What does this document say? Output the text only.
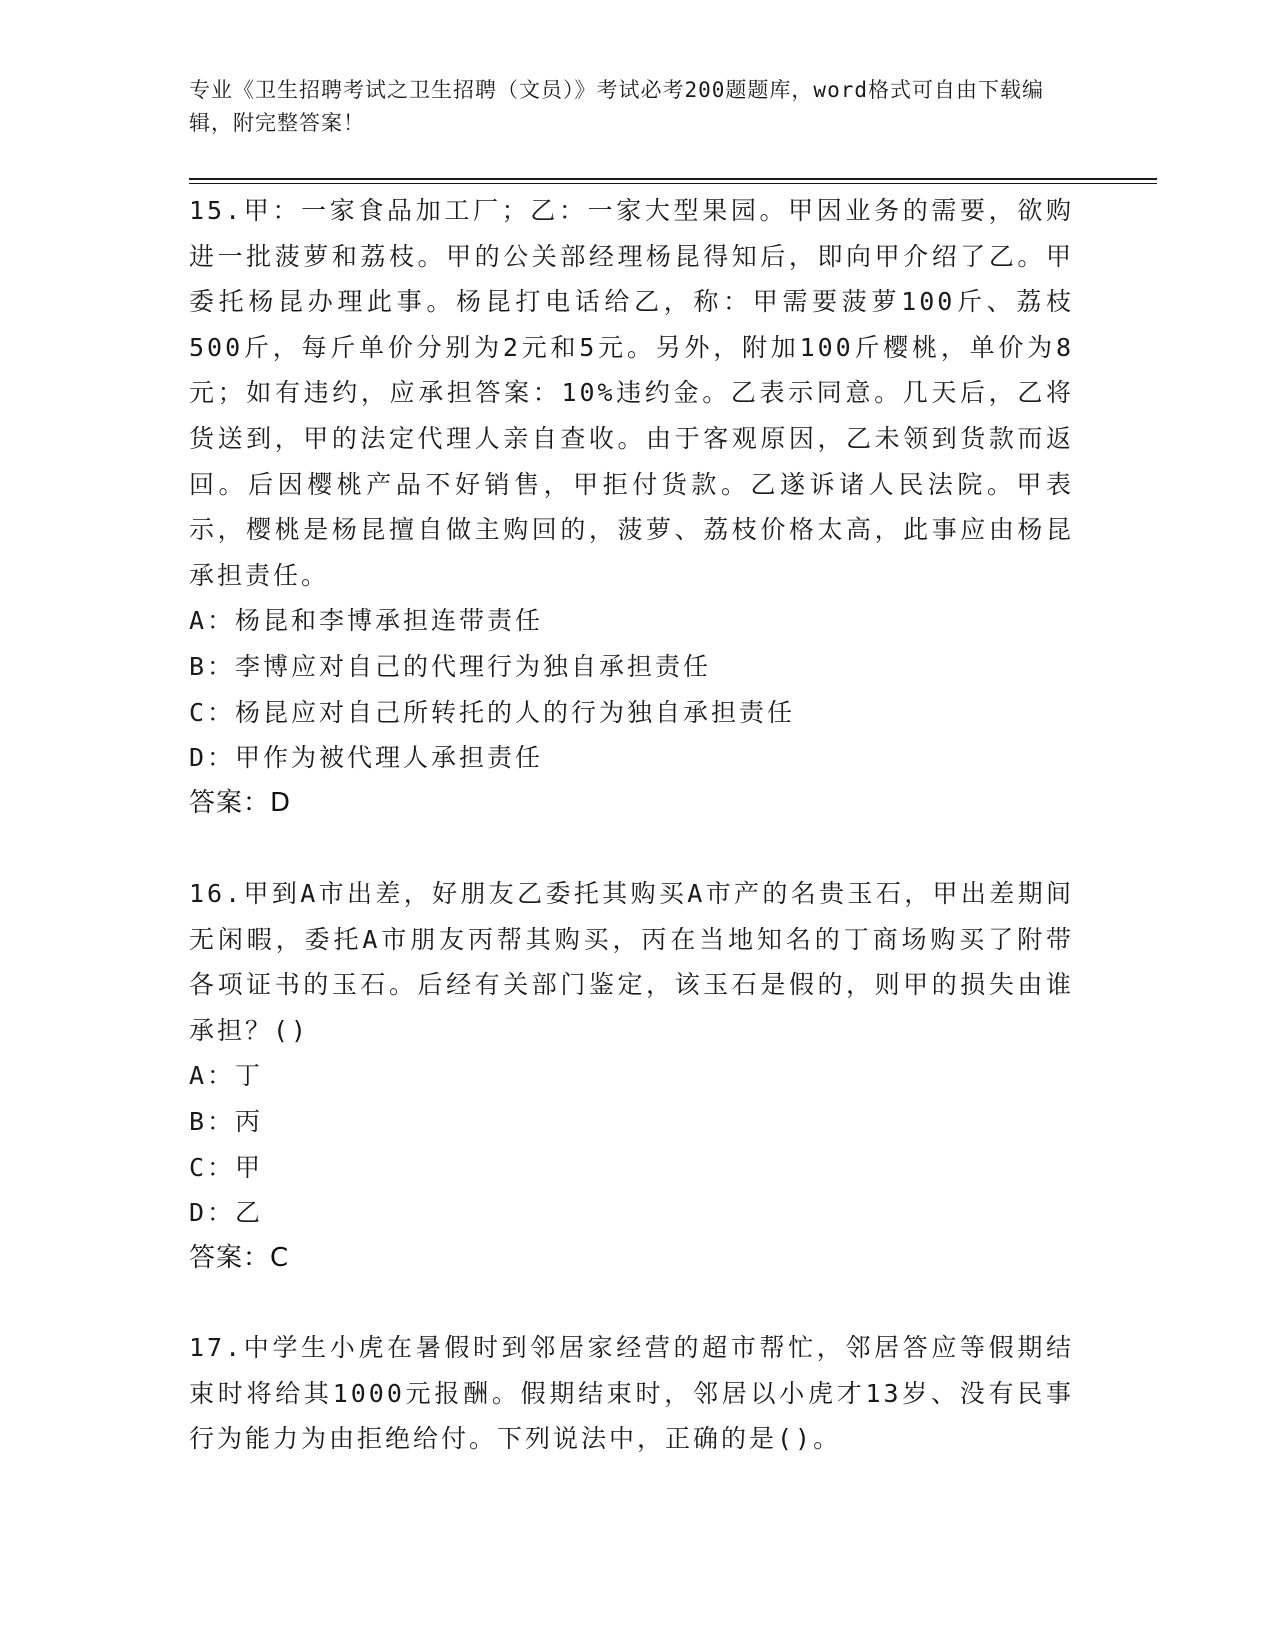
专业《卫生招聘考试之卫生招聘（文员）》考试必考200题题库，word格式可自由下载编辑，附完整答案！

15.甲：一家食品加工厂；乙：一家大型果园。甲因业务的需要，欲购进一批菠萝和荔枝。甲的公关部经理杨昆得知后，即向甲介绍了乙。甲委托杨昆办理此事。杨昆打电话给乙，称：甲需要菠萝100斤、荔枝500斤，每斤单价分别为2元和5元。另外，附加100斤樱桃，单价为8元；如有违约，应承担答案：10%违约金。乙表示同意。几天后，乙将货送到，甲的法定代理人亲自查收。由于客观原因，乙未领到货款而返回。后因樱桃产品不好销售，甲拒付货款。乙遂诉诸人民法院。甲表示，樱桃是杨昆擅自做主购回的，菠萝、荔枝价格太高，此事应由杨昆承担责任。

A：杨昆和李博承担连带责任
B：李博应对自己的代理行为独自承担责任
C：杨昆应对自己所转托的人的行为独自承担责任
D：甲作为被代理人承担责任

答案：D

16.甲到A市出差，好朋友乙委托其购买A市产的名贵玉石，甲出差期间无闲暇，委托A市朋友丙帮其购买，丙在当地知名的丁商场购买了附带各项证书的玉石。后经有关部门鉴定，该玉石是假的，则甲的损失由谁承担？()

A：丁
B：丙
C：甲
D：乙

答案：C

17.中学生小虎在暑假时到邻居家经营的超市帮忙，邻居答应等假期结束时将给其1000元报酬。假期结束时，邻居以小虎才13岁、没有民事行为能力为由拒绝给付。下列说法中，正确的是()。
